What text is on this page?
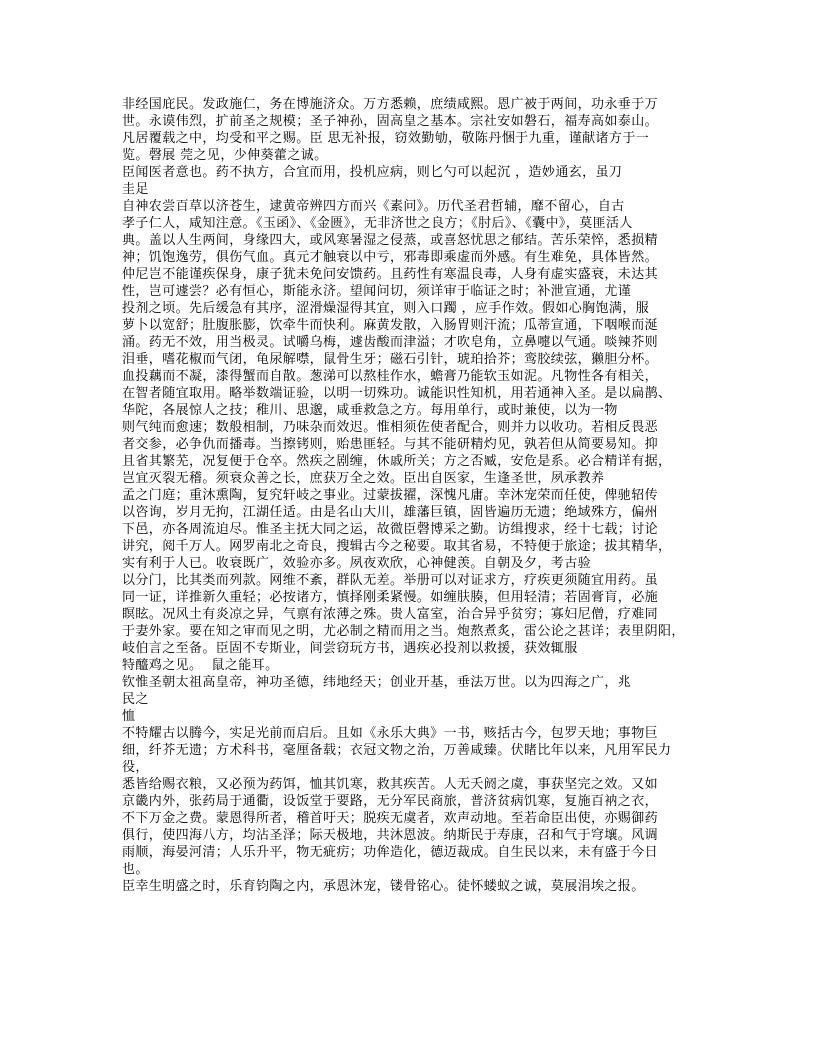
非经国庇民。发政施仁，务在博施济众。万方悉赖，庶绩咸熙。恩广被于两间，功永垂于万
世。永谟伟烈，扩前圣之规模；圣子神孙，固高皇之基本。宗社安如磐石，福寿高如泰山。
凡居覆载之中，均受和平之赐。臣 思无补报，窃效勤劬，敬陈丹悃于九重，谨献诸方于一
览。磬展 莞之见，少伸葵藿之诚。
臣闻医者意也。药不执方，合宜而用，投机应病，则匕勺可以起沉 ，造妙通玄，虽刀
圭足
自神农尝百草以济苍生，逮黄帝辨四方而兴《素问》。历代圣君哲辅，靡不留心，自古
孝子仁人，咸知注意。《玉函》、《金匮》，无非济世之良方；《肘后》、《囊中》，莫匪活人
典。盖以人生两间，身缘四大，或风寒暑湿之侵蒸，或喜怒忧思之郁结。苦乐荣悴，悉损精
神；饥饱逸劳，俱伤气血。真元才触衰以中亏，邪毒即乘虚而外感。有生难免，具体皆然。
仲尼岂不能谨疾保身，康子犹未免问安馈药。且药性有寒温良毒，人身有虚实盛衰，未达其
性，岂可遽尝？必有恒心，斯能永济。望闻问切，须详审于临证之时；补泄宣通，尤谨
投剂之顷。先后缓急有其序，涩滑燥湿得其宜，则入口躅 ，应手作效。假如心胸饱满，服
萝卜以宽舒；肚腹胀膨，饮牵牛而快利。麻黄发散，入肠胃则汗流；瓜蒂宣通，下咽喉而涎
涌。药无不效，用当极灵。试嚼乌梅，遽齿酸而津溢；才吹皂角，立鼻嚏以气通。啖辣芥则
泪垂，嗜花椒而气闭，龟尿解噤，鼠骨生牙；磁石引针，琥珀拾芥；鸾胶续弦，獭胆分杯。
血投藕而不凝，漆得蟹而自散。葱涕可以熬桂作水，蟾膏乃能软玉如泥。凡物性各有相关，
在智者随宜取用。略举数端证验，以明一切殊功。诚能识性知机，用若通神入圣。是以扁鹊、
华陀，各展惊人之技；稚川、思邈，咸垂救急之方。每用单行，或时兼使，以为一物
则气纯而愈速；数般相制，乃味杂而效迟。惟相须佐使者配合，则并力以收功。若相反畏恶
者交参，必争仇而播毒。当擦铐则，贻患匪轻。与其不能研精灼见，孰若但从简要易知。抑
且省其繁芜，况复便于仓卒。然疾之剧缠，休戚所关；方之否臧，安危是系。必合精详有据，
岂宜灭裂无稽。须衰众善之长，庶获万全之效。臣出自医家，生逢圣世，夙承教养
孟之门庭；重沐熏陶，复究轩岐之事业。过蒙拔擢，深愧凡庸。幸沐宠荣而任使，俾驰轺传
以咨询，岁月无拘，江湖任适。由是名山大川，雄藩巨镇，固皆遍历无遗；绝域殊方，偏州
下邑，亦各周流迫尽。惟圣主抚大同之运，故微臣磬博采之勤。访缉搜求，经十七载；讨论
讲究，阅千万人。网罗南北之奇良，搜辑古今之秘要。取其省易，不特便于旅途；拔其精华，
实有利于人已。收衰既广，效验亦多。夙夜欢欣，心神健羡。自朝及夕，考古验
以分门，比其类而列款。网维不紊，群队无差。举册可以对证求方，疗疾更须随宜用药。虽
同一证，详推新久重轻；必按诸方，慎择刚柔紧慢。如缠肤腠，但用轻清；若固膏肓，必施
瞑眩。况风土有炎凉之异，气禀有浓薄之殊。贵人富室，治合异乎贫穷；寡妇尼僧，疗难同
于妻外家。要在知之审而见之明，尤必制之精而用之当。炮熬煮炙，雷公论之甚详；表里阴阳，
岐伯言之至备。臣固不专斯业，间尝窃玩方书，遇疾必投剂以救援，获效辄服
特醯鸡之见。  鼠之能耳。
钦惟圣朝太祖高皇帝，神功圣德，纬地经天；创业开基，垂法万世。以为四海之广，兆
民之
恤
不特耀古以腾今，实足光前而启后。且如《永乐大典》一书，赅括古今，包罗天地；事物巨
细，纤芥无遗；方术科书，毫厘备载；衣冠文物之治，万善咸臻。伏睹比年以来，凡用军民力
役，
悉皆给赐衣粮，又必预为药饵，恤其饥寒，救其疾苦。人无夭阏之虞，事获坚完之效。又如
京畿内外，张药局于通衢，设饭堂于要路，无分军民商旅，普济贫病饥寒，复施百衲之衣，
不下万金之费。蒙恩得所者，稽首吁天；脱疾无虞者，欢声动地。至若命臣出使，亦赐御药
俱行，使四海八方，均沾圣泽；际天极地，共沐恩波。纳斯民于寿康，召和气于穹壤。风调
雨顺，海晏河清；人乐升平，物无疵疠；功侔造化，德迈裁成。自生民以来，未有盛于今日
也。
臣幸生明盛之时，乐育钧陶之内，承恩沐宠，镂骨铭心。徒怀蝼蚁之诚，莫展涓埃之报。
